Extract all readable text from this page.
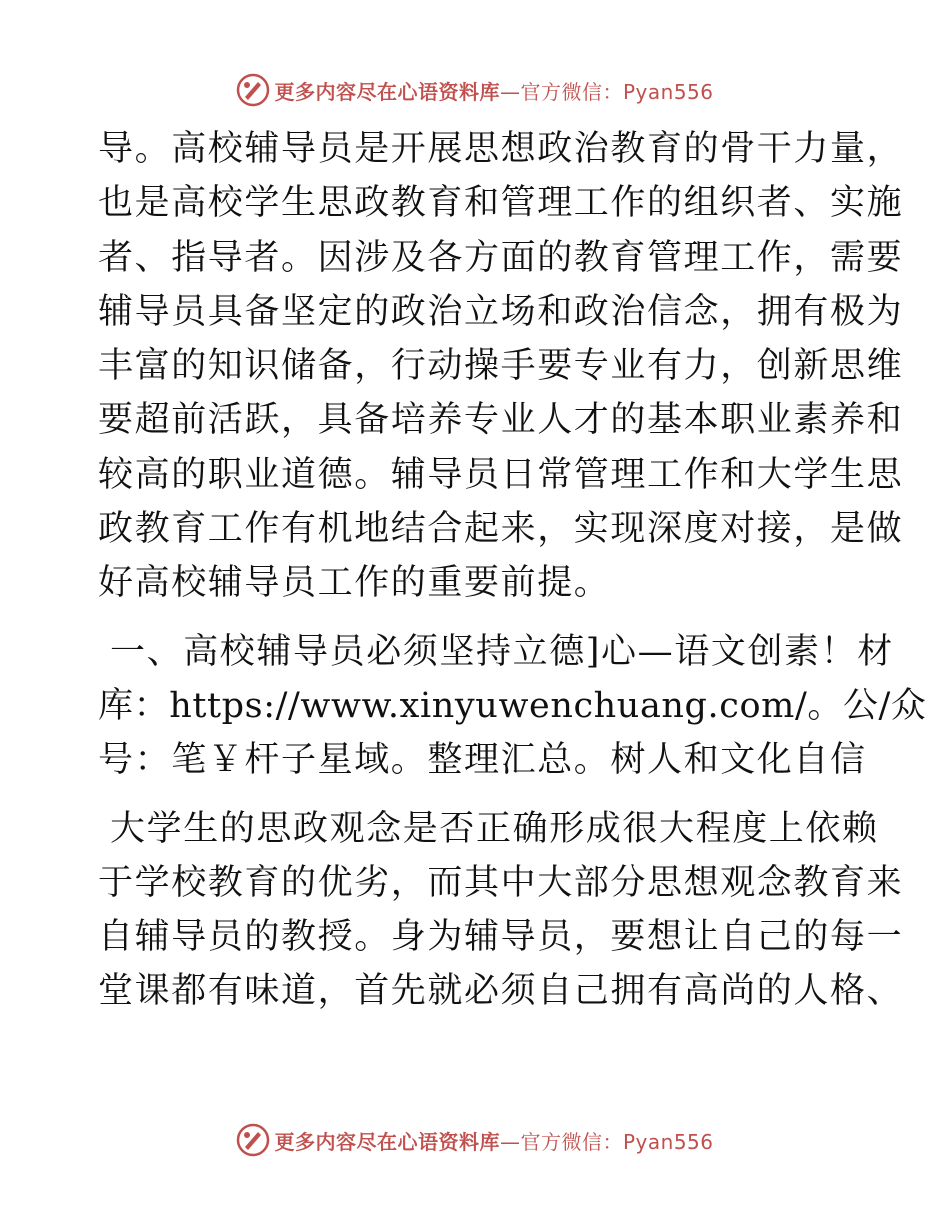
更多内容尽在心语资料库—官方微信：Pyan556

导。高校辅导员是开展思想政治教育的骨干力量，
也是高校学生思政教育和管理工作的组织者、实施
者、指导者。因涉及各方面的教育管理工作，需要
辅导员具备坚定的政治立场和政治信念，拥有极为
丰富的知识储备，行动操手要专业有力，创新思维
要超前活跃，具备培养专业人才的基本职业素养和
较高的职业道德。辅导员日常管理工作和大学生思
政教育工作有机地结合起来，实现深度对接，是做
好高校辅导员工作的重要前提。

一、高校辅导员必须坚持立德]心—语文创素！材
库：https://www.xinyuwenchuang.com/。公/众
号：笔￥杆子星域。整理汇总。树人和文化自信

大学生的思政观念是否正确形成很大程度上依赖
于学校教育的优劣，而其中大部分思想观念教育来
自辅导员的教授。身为辅导员，要想让自己的每一
堂课都有味道，首先就必须自己拥有高尚的人格、

更多内容尽在心语资料库—官方微信：Pyan556
